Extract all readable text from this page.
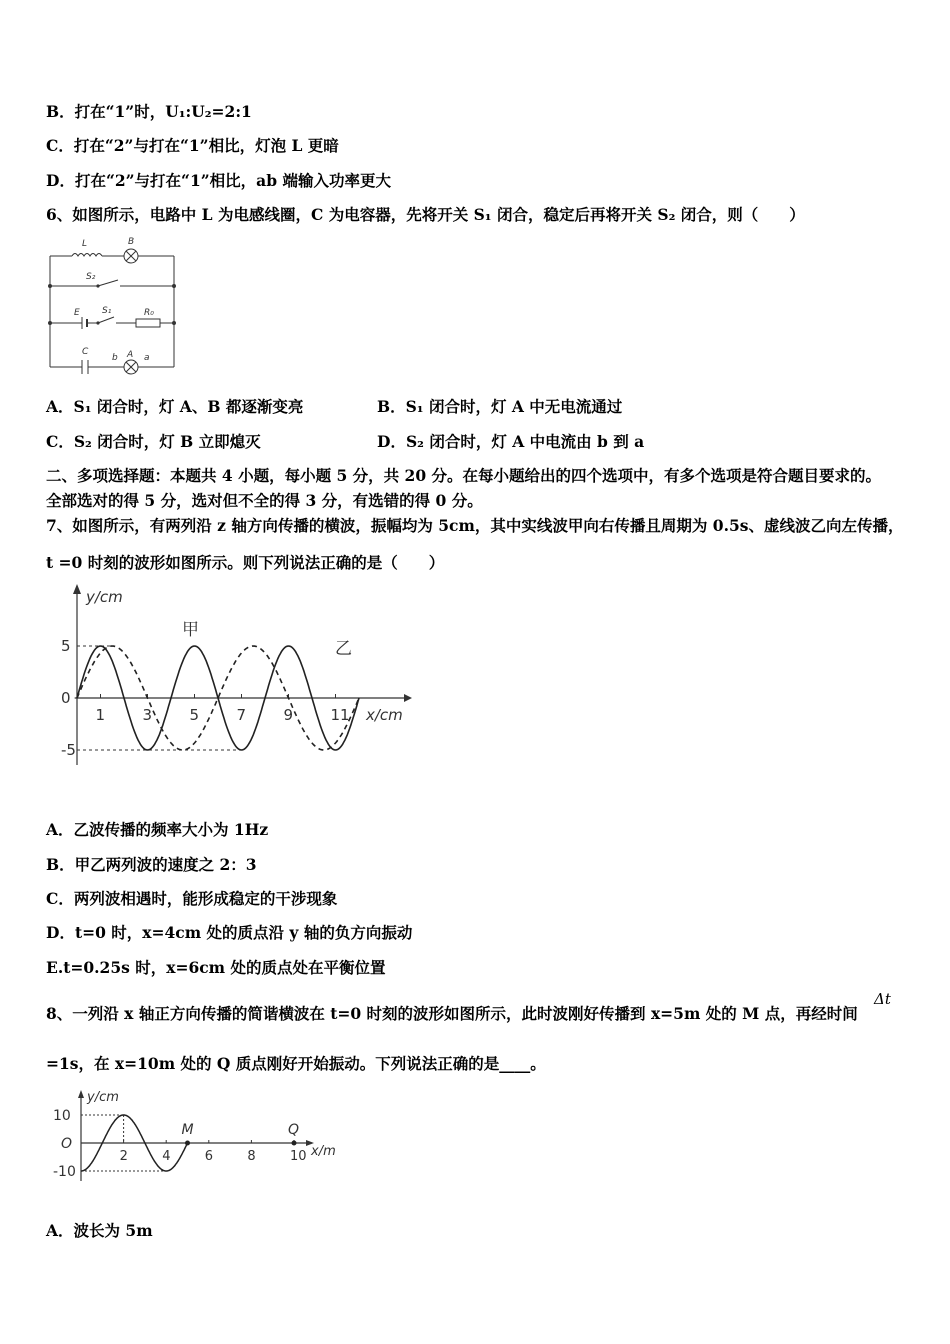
B．打在“1”时，U₁:U₂=2:1
C．打在“2”与打在“1”相比，灯泡 L 更暗
D．打在“2”与打在“1”相比，ab 端输入功率更大
6、如图所示，电路中 L 为电感线圈，C 为电容器，先将开关 S₁ 闭合，稳定后再将开关 S₂ 闭合，则（　　）
L	B
S₂
E S₁	R₀
C
b A a
A．S₁ 闭合时，灯 A、B 都逐渐变亮	B．S₁ 闭合时，灯 A 中无电流通过
C．S₂ 闭合时，灯 B 立即熄灭	D．S₂ 闭合时，灯 A 中电流由 b 到 a
二、多项选择题：本题共 4 小题，每小题 5 分，共 20 分。在每小题给出的四个选项中，有多个选项是符合题目要求的。
全部选对的得 5 分，选对但不全的得 3 分，有选错的得 0 分。
7、如图所示，有两列沿 z 轴方向传播的横波，振幅均为 5cm，其中实线波甲向右传播且周期为 0.5s、虚线波乙向左传播，
t =0 时刻的波形如图所示。则下列说法正确的是（　　）
y/cm
x/cm
5
0
-5
1 3 5 7 9 11
甲
乙
A．乙波传播的频率大小为 1Hz
B．甲乙两列波的速度之 2：3
C．两列波相遇时，能形成稳定的干涉现象
D．t=0 时，x=4cm 处的质点沿 y 轴的负方向振动
E.t=0.25s 时，x=6cm 处的质点处在平衡位置
8、一列沿 x 轴正方向传播的简谐横波在 t=0 时刻的波形如图所示，此时波刚好传播到 x=5m 处的 M 点，再经时间
Δt
=1s，在 x=10m 处的 Q 质点刚好开始振动。下列说法正确的是____。
y/cm
x/m
10
O
-10
2	4	6	8	10
M	Q
A．波长为 5m
